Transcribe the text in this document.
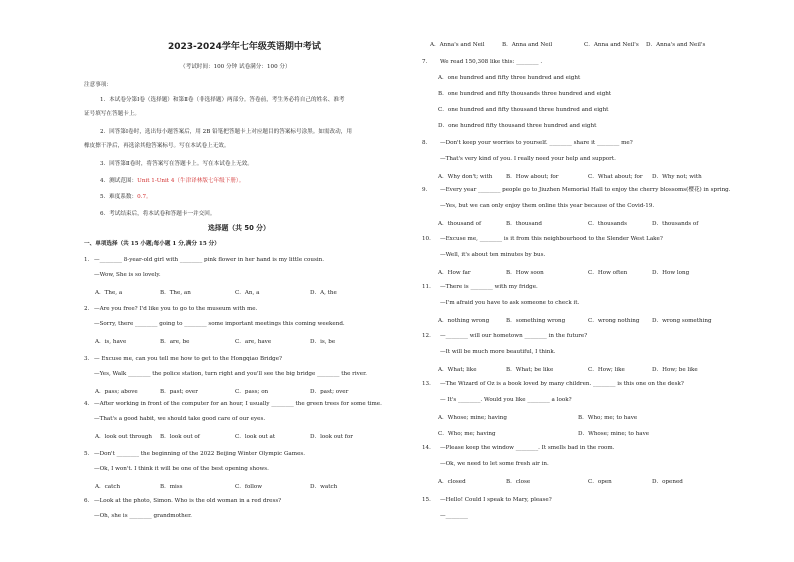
2023-2024学年七年级英语期中考试
（考试时间：100 分钟 试卷满分：100 分）
注意事项：
1．本试卷分第Ⅰ卷（选择题）和第Ⅱ卷（非选择题）两部分。答卷前，考生务必将自己的姓名、准考
证号填写在答题卡上。
2．回答第Ⅰ卷时，选出每小题答案后，用 2B 铅笔把答题卡上对应题目的答案标号涂黑。如需改动，用
橡皮擦干净后，再选涂其他答案标号。写在本试卷上无效。
3．回答第Ⅱ卷时，将答案写在答题卡上。写在本试卷上无效。
4．测试范围：Unit 1-Unit 4（牛津译林版七年级下册）。
5．难度系数：0.7。
6．考试结束后，将本试卷和答题卡一并交回。
选择题（共 50 分）
一、单项选择（共 15 小题;每小题 1 分,满分 15 分）
1． —________ 8-year-old girl with ________ pink flower in her hand is my little cousin.
—Wow, She is so lovely.
A．The, a	B．The, an	C．An, a	D．A, the
2． —Are you free? I'd like you to go to the museum with me.
—Sorry, there ________ going to ________ some important meetings this coming weekend.
A．is, have	B．are, be	C．are, have	D．is, be
3． — Excuse me, can you tell me how to get to the Hongqiao Bridge?
—Yes, Walk ________ the police station, turn right and you'll see the big bridge ________ the river.
A．pass; above	B．past; over	C．pass; on	D．past; over
4． —After working in front of the computer for an hour, I usually ________ the green trees for some time.
—That's a good habit, we should take good care of our eyes.
A．look out through B．look out of	C．look out at	D．look out for
5． —Don't ________ the beginning of the 2022 Beijing Winter Olympic Games.
—Ok, I won't. I think it will be one of the best opening shows.
A．catch	B．miss	C．follow	D．watch
6． —Look at the photo, Simon. Who is the old woman in a red dress?
—Oh, she is ________ grandmother.
A．Anna's and Neil	B．Anna and Neil	C．Anna and Neil's D．Anna's and Neil's
7． We read 150,308 like this: ________ .
A．one hundred and fifty three hundred and eight
B．one hundred and fifty thousands three hundred and eight
C．one hundred and fifty thousand three hundred and eight
D．one hundred fifty thousand three hundred and eight
8． —Don't keep your worries to yourself. ________ share it ________ me?
—That's very kind of you. I really need your help and support.
A．Why don't; with B．How about; for	C．What about; for D．Why not; with
9． —Every year ________ people go to Jiuzhen Memorial Hall to enjoy the cherry blossoms(樱花) in spring.
—Yes, but we can only enjoy them online this year because of the Covid-19.
A．thousand of	B．thousand	C．thousands	D．thousands of
10． —Excuse me, ________ is it from this neighbourhood to the Slender West Lake?
—Well, it's about ten minutes by bus.
A．How far	B．How soon	C．How often	D．How long
11． —There is ________ with my fridge.
—I'm afraid you have to ask someone to check it.
A．nothing wrong	B．something wrong	C．wrong nothing D．wrong something
12． —________ will our hometown ________ in the future?
—It will be much more beautiful, I think.
A．What; like	B．What; be like	C．How; like	D．How; be like
13． —The Wizard of Oz is a book loved by many children. ________ is this one on the desk?
— It's ________. Would you like ________ a look?
A．Whose; mine; having	B．Who; me; to have
C．Who; me; having	D．Whose; mine; to have
14． —Please keep the window ________. It smells bad in the room.
—Ok, we need to let some fresh air in.
A．closed	B．close	C．open	D．opened
15． —Hello! Could I speak to Mary, please?
—________
